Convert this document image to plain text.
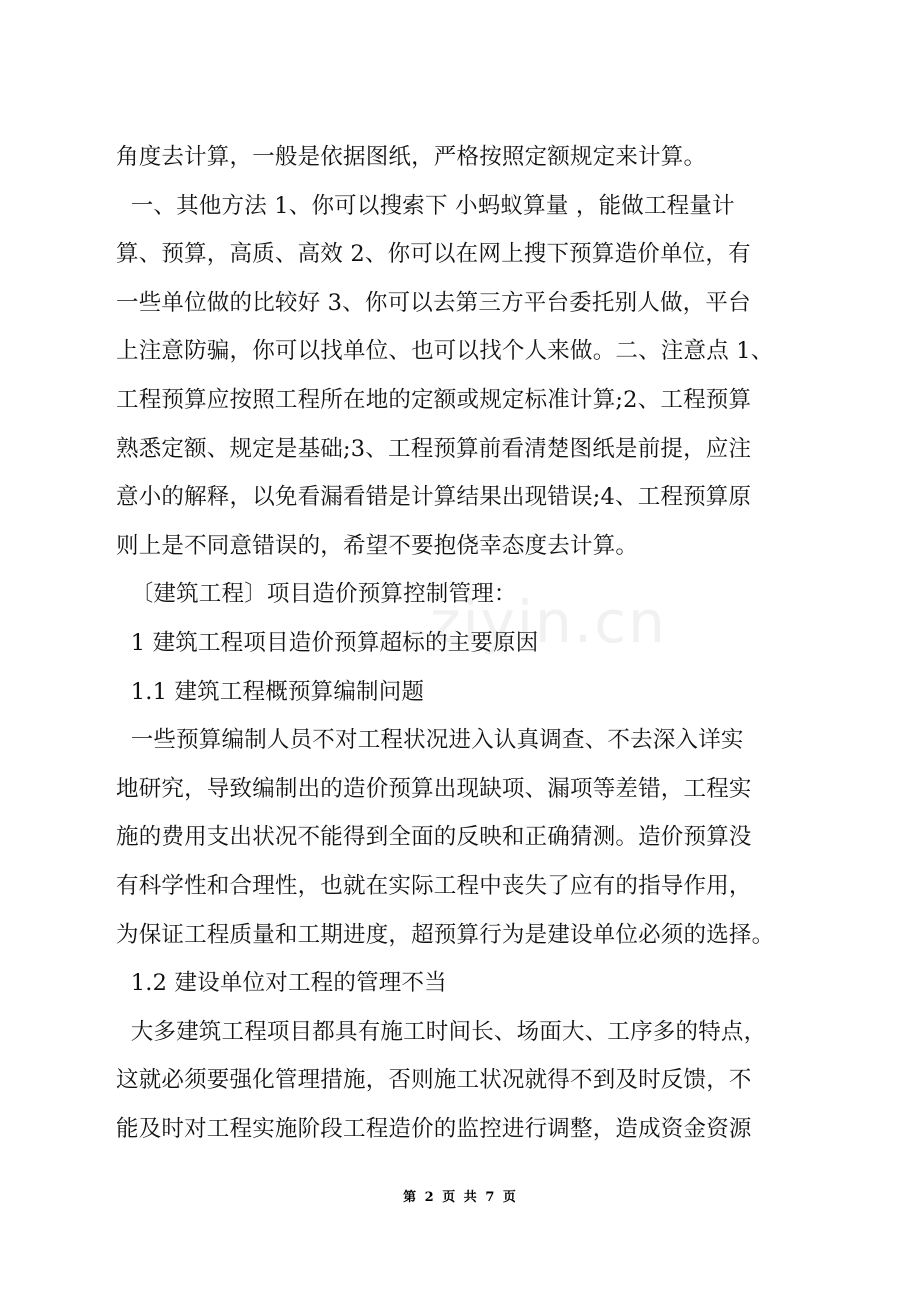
ziyin.cn
角度去计算，一般是依据图纸，严格按照定额规定来计算。
一、其他方法 1、你可以搜索下 小蚂蚁算量 ，能做工程量计
算、预算，高质、高效 2、你可以在网上搜下预算造价单位，有
一些单位做的比较好 3、你可以去第三方平台委托别人做，平台
上注意防骗，你可以找单位、也可以找个人来做。二、注意点 1、
工程预算应按照工程所在地的定额或规定标准计算;2、工程预算
熟悉定额、规定是基础;3、工程预算前看清楚图纸是前提，应注
意小的解释，以免看漏看错是计算结果出现错误;4、工程预算原
则上是不同意错误的，希望不要抱侥幸态度去计算。
〔建筑工程〕项目造价预算控制管理：
1 建筑工程项目造价预算超标的主要原因
1.1 建筑工程概预算编制问题
一些预算编制人员不对工程状况进入认真调查、不去深入详实
地研究，导致编制出的造价预算出现缺项、漏项等差错，工程实
施的费用支出状况不能得到全面的反映和正确猜测。造价预算没
有科学性和合理性，也就在实际工程中丧失了应有的指导作用，
为保证工程质量和工期进度，超预算行为是建设单位必须的选择。
1.2 建设单位对工程的管理不当
大多建筑工程项目都具有施工时间长、场面大、工序多的特点，
这就必须要强化管理措施，否则施工状况就得不到及时反馈，不
能及时对工程实施阶段工程造价的监控进行调整，造成资金资源
第 2 页 共 7 页
